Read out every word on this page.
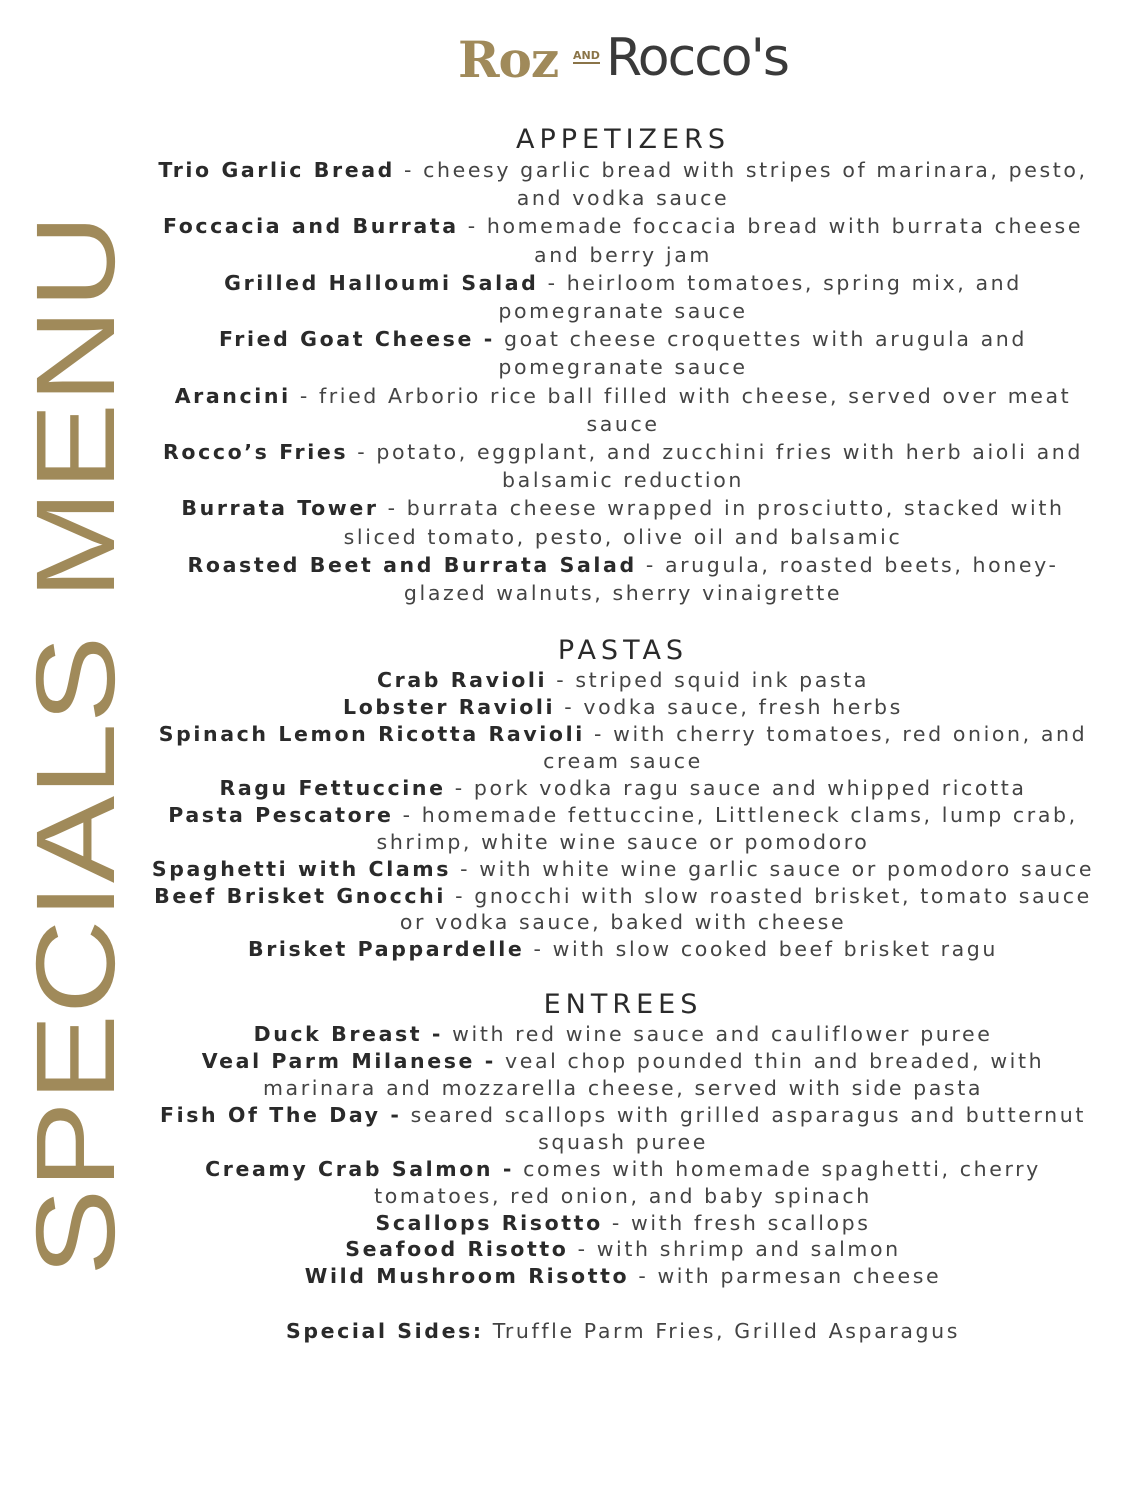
SPECIALS MENU
Roz AND Rocco's

APPETIZERS

Trio Garlic Bread - cheesy garlic bread with stripes of marinara, pesto, and vodka sauce

Foccacia and Burrata - homemade foccacia bread with burrata cheese and berry jam

Grilled Halloumi Salad - heirloom tomatoes, spring mix, and pomegranate sauce

Fried Goat Cheese - goat cheese croquettes with arugula and pomegranate sauce

Arancini - fried Arborio rice ball filled with cheese, served over meat sauce

Rocco’s Fries - potato, eggplant, and zucchini fries with herb aioli and balsamic reduction

Burrata Tower - burrata cheese wrapped in prosciutto, stacked with sliced tomato, pesto, olive oil and balsamic

Roasted Beet and Burrata Salad - arugula, roasted beets, honey-glazed walnuts, sherry vinaigrette

PASTAS

Crab Ravioli - striped squid ink pasta

Lobster Ravioli - vodka sauce, fresh herbs

Spinach Lemon Ricotta Ravioli - with cherry tomatoes, red onion, and cream sauce

Ragu Fettuccine - pork vodka ragu sauce and whipped ricotta

Pasta Pescatore - homemade fettuccine, Littleneck clams, lump crab, shrimp, white wine sauce or pomodoro

Spaghetti with Clams - with white wine garlic sauce or pomodoro sauce

Beef Brisket Gnocchi - gnocchi with slow roasted brisket, tomato sauce or vodka sauce, baked with cheese

Brisket Pappardelle - with slow cooked beef brisket ragu

ENTREES

Duck Breast - with red wine sauce and cauliflower puree

Veal Parm Milanese - veal chop pounded thin and breaded, with marinara and mozzarella cheese, served with side pasta

Fish Of The Day - seared scallops with grilled asparagus and butternut squash puree

Creamy Crab Salmon - comes with homemade spaghetti, cherry tomatoes, red onion, and baby spinach

Scallops Risotto - with fresh scallops

Seafood Risotto - with shrimp and salmon

Wild Mushroom Risotto - with parmesan cheese

Special Sides: Truffle Parm Fries, Grilled Asparagus
